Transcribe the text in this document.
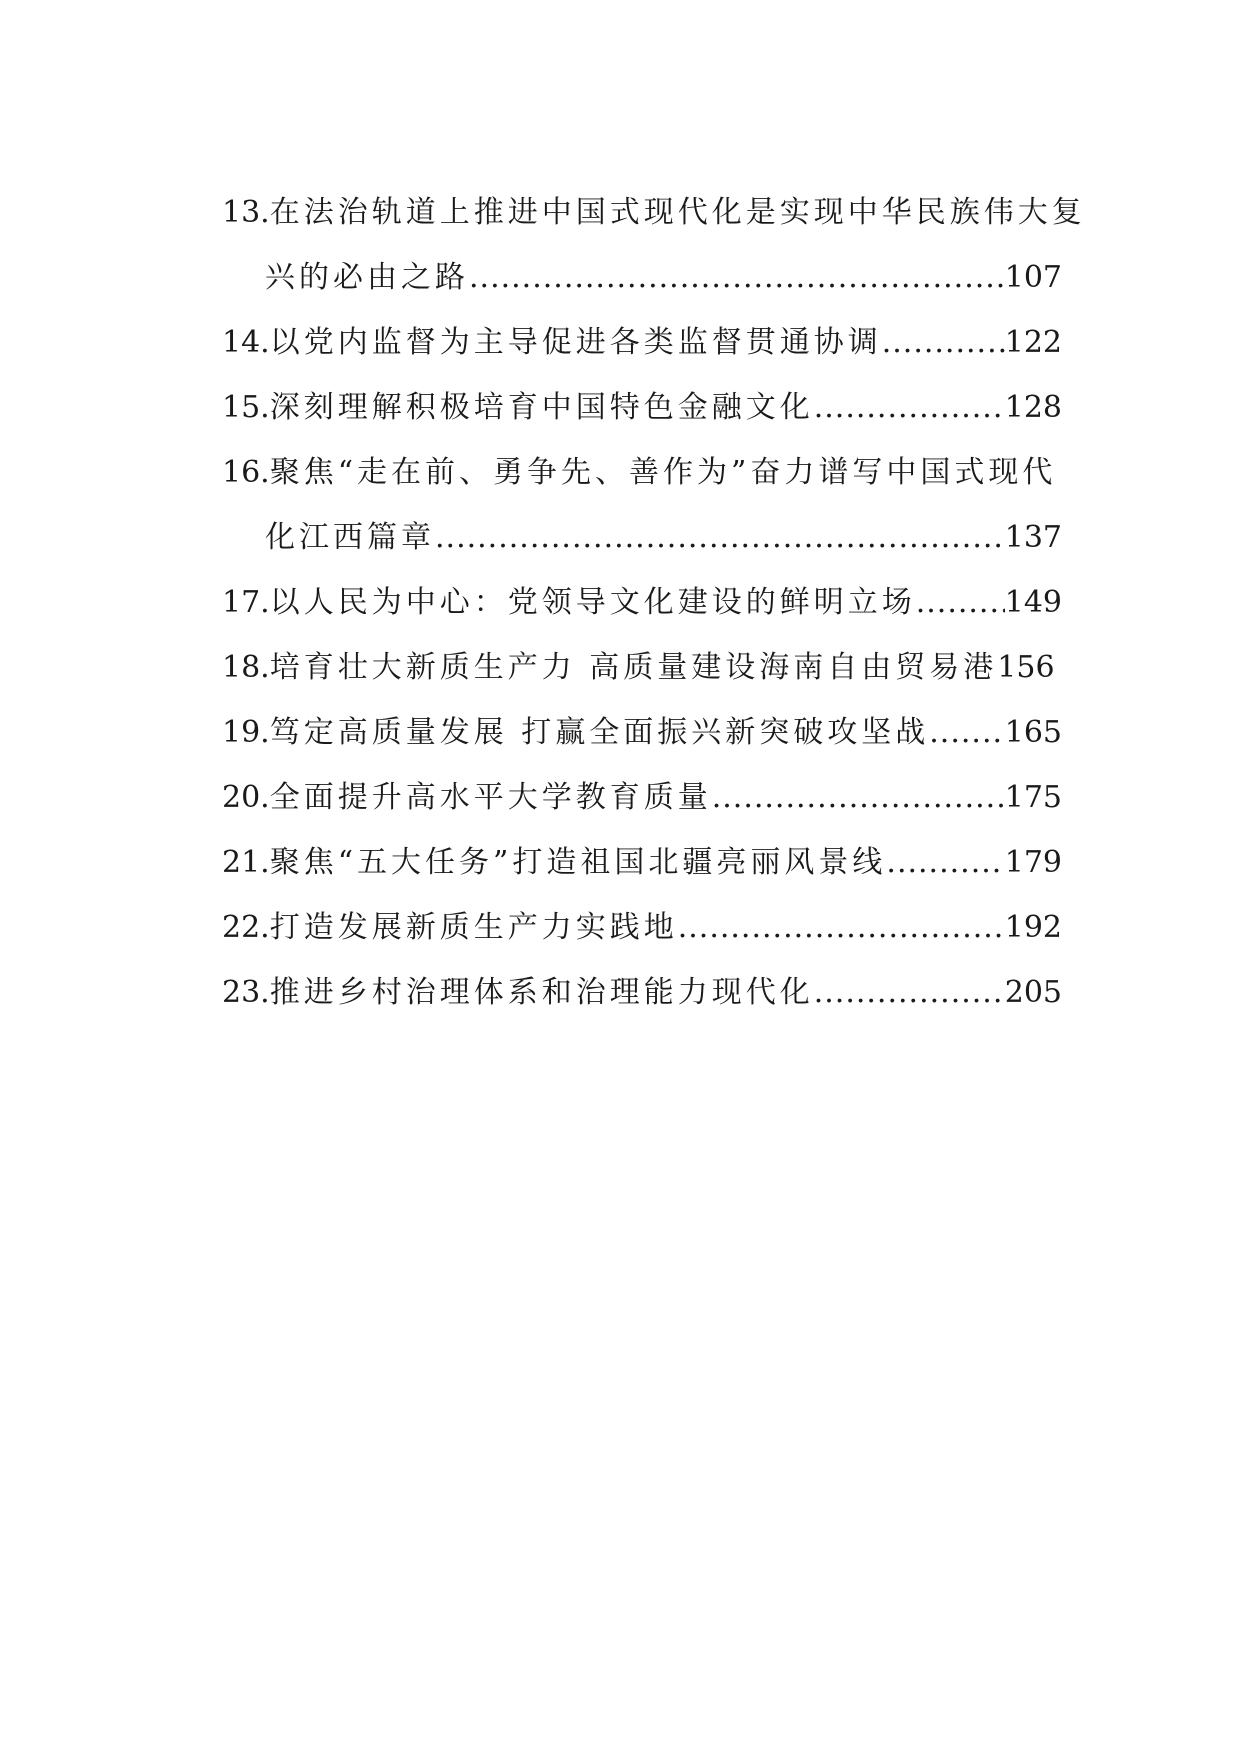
13. 在法治轨道上推进中国式现代化是实现中华民族伟大复
兴的必由之路 .....	107
14. 以党内监督为主导促进各类监督贯通协调 .....	122
15. 深刻理解积极培育中国特色金融文化 .....	128
16. 聚焦“走在前、勇争先、善作为”奋力谱写中国式现代
化江西篇章 .....	137
17. 以人民为中心：党领导文化建设的鲜明立场 .....	149
18. 培育壮大新质生产力 高质量建设海南自由贸易港 156
19. 笃定高质量发展 打赢全面振兴新突破攻坚战 .....	165
20. 全面提升高水平大学教育质量 .....	175
21. 聚焦“五大任务”打造祖国北疆亮丽风景线 .....	179
22. 打造发展新质生产力实践地 .....	192
23. 推进乡村治理体系和治理能力现代化 .....	205
